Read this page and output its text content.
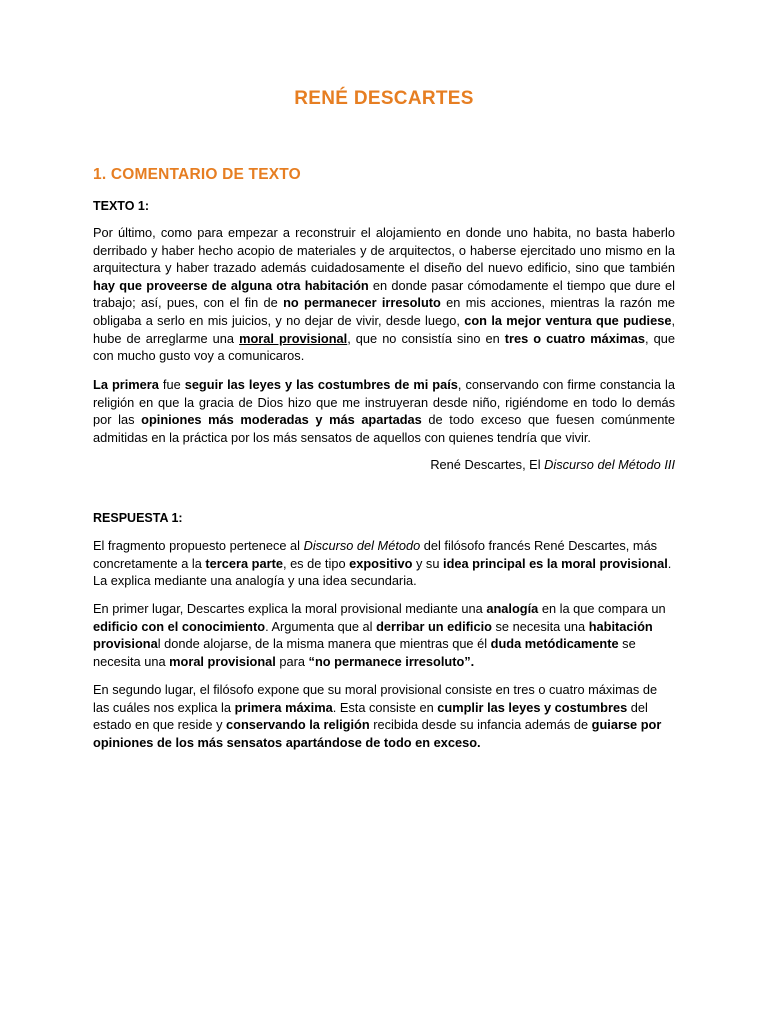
RENÉ DESCARTES
1. COMENTARIO DE TEXTO
TEXTO 1:

Por último, como para empezar a reconstruir el alojamiento en donde uno habita, no basta haberlo derribado y haber hecho acopio de materiales y de arquitectos, o haberse ejercitado uno mismo en la arquitectura y haber trazado además cuidadosamente el diseño del nuevo edificio, sino que también hay que proveerse de alguna otra habitación en donde pasar cómodamente el tiempo que dure el trabajo; así, pues, con el fin de no permanecer irresoluto en mis acciones, mientras la razón me obligaba a serlo en mis juicios, y no dejar de vivir, desde luego, con la mejor ventura que pudiese, hube de arreglarme una moral provisional, que no consistía sino en tres o cuatro máximas, que con mucho gusto voy a comunicaros.

La primera fue seguir las leyes y las costumbres de mi país, conservando con firme constancia la religión en que la gracia de Dios hizo que me instruyeran desde niño, rigiéndome en todo lo demás por las opiniones más moderadas y más apartadas de todo exceso que fuesen comúnmente admitidas en la práctica por los más sensatos de aquellos con quienes tendría que vivir.

René Descartes, El Discurso del Método III
RESPUESTA 1:

El fragmento propuesto pertenece al Discurso del Método del filósofo francés René Descartes, más concretamente a la tercera parte, es de tipo expositivo y su idea principal es la moral provisional. La explica mediante una analogía y una idea secundaria.

En primer lugar, Descartes explica la moral provisional mediante una analogía en la que compara un edificio con el conocimiento. Argumenta que al derribar un edificio se necesita una habitación provisional donde alojarse, de la misma manera que mientras que él duda metódicamente se necesita una moral provisional para “no permanece irresoluto”.

En segundo lugar, el filósofo expone que su moral provisional consiste en tres o cuatro máximas de las cuáles nos explica la primera máxima. Esta consiste en cumplir las leyes y costumbres del estado en que reside y conservando la religión recibida desde su infancia además de guiarse por opiniones de los más sensatos apartándose de todo en exceso.
